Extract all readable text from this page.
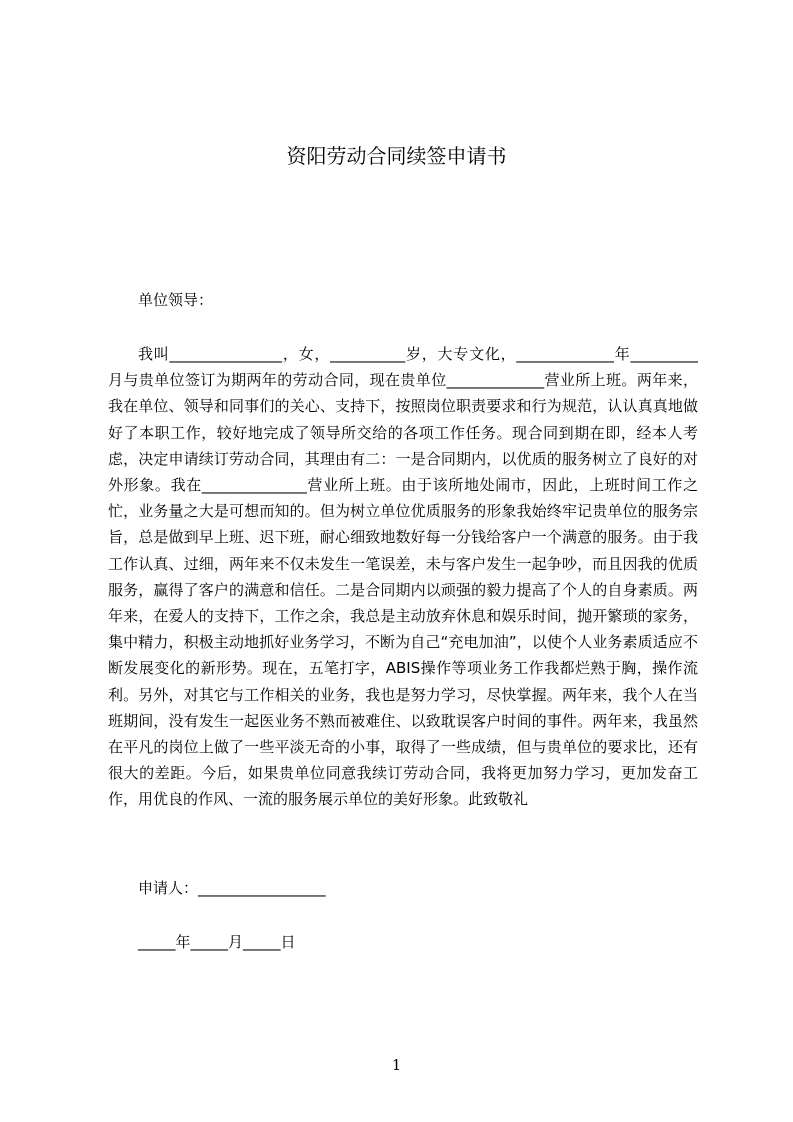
资阳劳动合同续签申请书
单位领导：
我叫_______________，女，__________岁，大专文化，_____________年_________月与贵单位签订为期两年的劳动合同，现在贵单位_____________营业所上班。两年来，我在单位、领导和同事们的关心、支持下，按照岗位职责要求和行为规范，认认真真地做好了本职工作，较好地完成了领导所交给的各项工作任务。现合同到期在即，经本人考虑，决定申请续订劳动合同，其理由有二：一是合同期内，以优质的服务树立了良好的对外形象。我在______________营业所上班。由于该所地处闹市，因此，上班时间工作之忙，业务量之大是可想而知的。但为树立单位优质服务的形象我始终牢记贵单位的服务宗旨，总是做到早上班、迟下班，耐心细致地数好每一分钱给客户一个满意的服务。由于我工作认真、过细，两年来不仅未发生一笔误差，未与客户发生一起争吵，而且因我的优质服务，赢得了客户的满意和信任。二是合同期内以顽强的毅力提高了个人的自身素质。两年来，在爱人的支持下，工作之余，我总是主动放弃休息和娱乐时间，抛开繁琐的家务，集中精力，积极主动地抓好业务学习，不断为自己“充电加油”，以使个人业务素质适应不断发展变化的新形势。现在，五笔打字，ABIS操作等项业务工作我都烂熟于胸，操作流利。另外，对其它与工作相关的业务，我也是努力学习，尽快掌握。两年来，我个人在当班期间，没有发生一起医业务不熟而被难住、以致耽误客户时间的事件。两年来，我虽然在平凡的岗位上做了一些平淡无奇的小事，取得了一些成绩，但与贵单位的要求比，还有很大的差距。今后，如果贵单位同意我续订劳动合同，我将更加努力学习，更加发奋工作，用优良的作风、一流的服务展示单位的美好形象。此致敬礼
申请人：_________________
_____年_____月_____日
1
